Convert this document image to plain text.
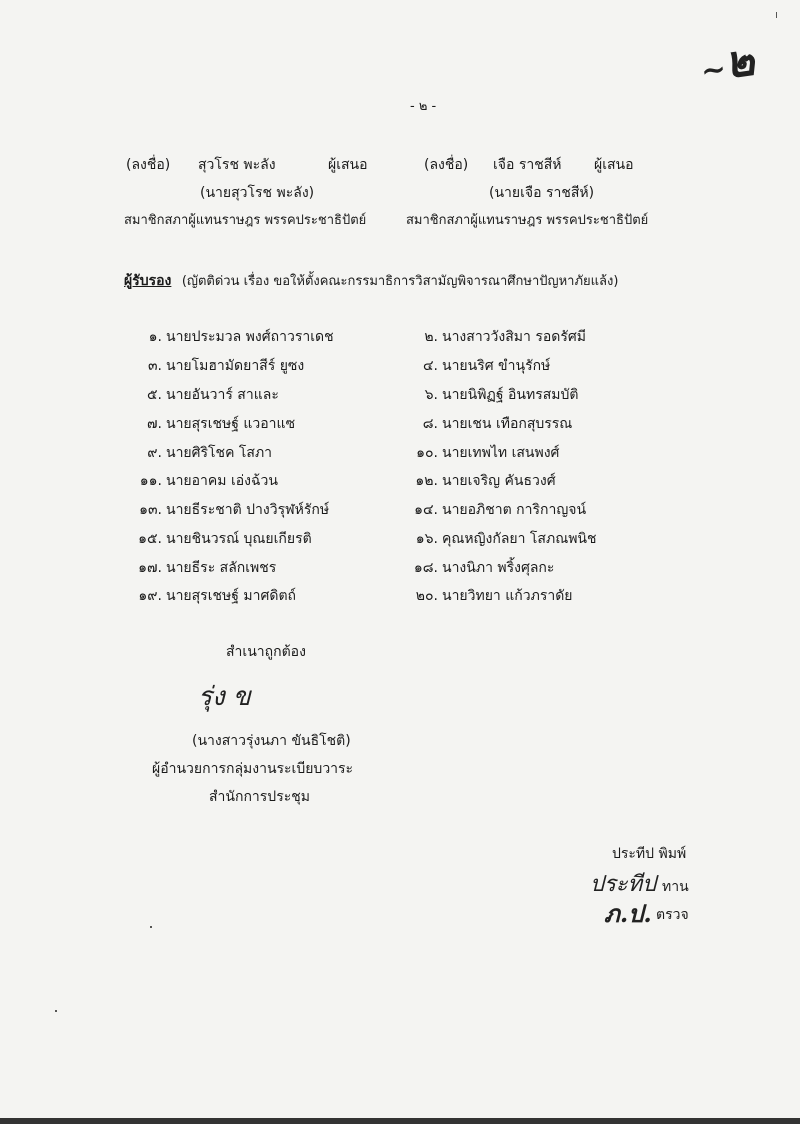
~๒
- ๒ -
(ลงชื่อ) สุวโรช พะลัง	ผู้เสนอ
(นายสุวโรช พะลัง)
สมาชิกสภาผู้แทนราษฎร พรรคประชาธิปัตย์
(ลงชื่อ) เจือ ราชสีห์ ผู้เสนอ
(นายเจือ ราชสีห์)
สมาชิกสภาผู้แทนราษฎร พรรคประชาธิปัตย์
ผู้รับรอง (ญัตติด่วน เรื่อง ขอให้ตั้งคณะกรรมาธิการวิสามัญพิจารณาศึกษาปัญหาภัยแล้ง)
๑. นายประมวล พงศ์ถาวราเดช
๓. นายโมฮามัดยาสีร์ ยูซง
๕. นายอันวาร์ สาและ
๗. นายสุรเชษฐ์ แวอาแซ
๙. นายศิริโชค โสภา
๑๑. นายอาคม เอ่งฉ้วน
๑๓. นายธีระชาติ ปางวิรุฬห์รักษ์
๑๕. นายชินวรณ์ บุณยเกียรติ
๑๗. นายธีระ สลักเพชร
๑๙. นายสุรเชษฐ์ มาศดิตถ์
๒. นางสาววังสิมา รอดรัศมี
๔. นายนริศ ขำนุรักษ์
๖. นายนิพิฏฐ์ อินทรสมบัติ
๘. นายเชน เทือกสุบรรณ
๑๐. นายเทพไท เสนพงศ์
๑๒. นายเจริญ คันธวงศ์
๑๔. นายอภิชาต การิกาญจน์
๑๖. คุณหญิงกัลยา โสภณพนิช
๑๘. นางนิภา พริ้งศุลกะ
๒๐. นายวิทยา แก้วภราดัย
สำเนาถูกต้อง
รุ่ง ข
(นางสาวรุ่งนภา ขันธิโชติ)
ผู้อำนวยการกลุ่มงานระเบียบวาระ
สำนักการประชุม
ประทีป พิมพ์
ประทีป ทาน
ภ.ป. ตรวจ
